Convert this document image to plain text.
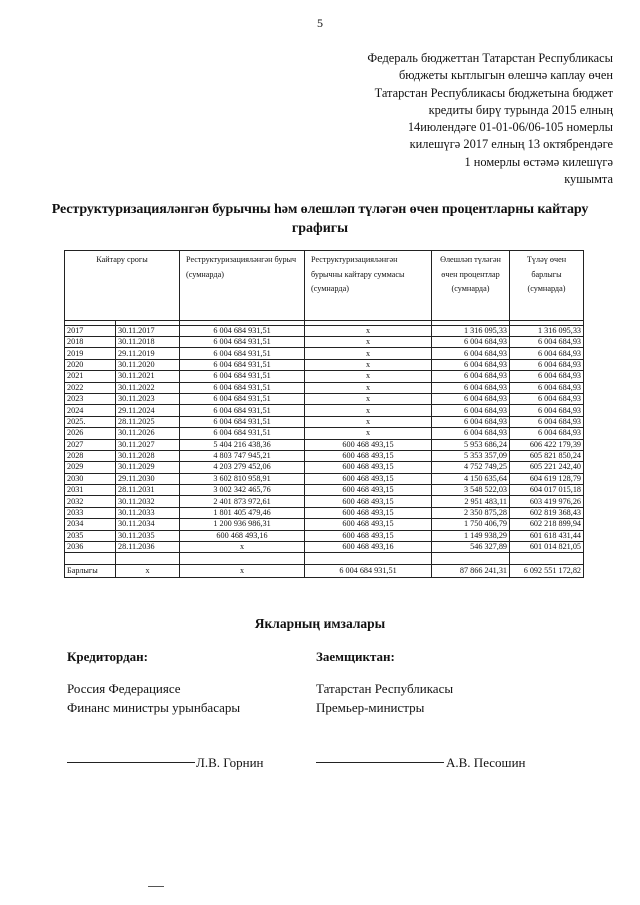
5
Федераль бюджеттан Татарстан Республикасы
бюджеты кытлыгын өлешчә каплау өчен
Татарстан Республикасы бюджетына бюджет
кредиты бирү турында 2015 елның
14июлендәге 01-01-06/06-105 номерлы
килешүгә 2017 елның 13 октябрендәге
1 номерлы өстәмә килешүгә
кушымта
Реструктуризацияләнгән бурычны һәм өлешләп түләгән өчен процентларны кайтару
графигы
Кайтару срогы		Реструктуризацияләнгән бурыч (сумнарда)	Реструктуризацияләнгән бурычны кайтару суммасы (сумнарда)	Өлешләп түләгән өчен процентлар (сумнарда)	Түләү өчен барлыгы (сумнарда)

2017	30.11.2017	6 004 684 931,51	x	1 316 095,33	1 316 095,33
2018	30.11.2018	6 004 684 931,51	x	6 004 684,93	6 004 684,93
2019	29.11.2019	6 004 684 931,51	x	6 004 684,93	6 004 684,93
2020	30.11.2020	6 004 684 931,51	x	6 004 684,93	6 004 684,93
2021	30.11.2021	6 004 684 931,51	x	6 004 684,93	6 004 684,93
2022	30.11.2022	6 004 684 931,51	x	6 004 684,93	6 004 684,93
2023	30.11.2023	6 004 684 931,51	x	6 004 684,93	6 004 684,93
2024	29.11.2024	6 004 684 931,51	x	6 004 684,93	6 004 684,93
2025.	28.11.2025	6 004 684 931,51	x	6 004 684,93	6 004 684,93
2026	30.11.2026	6 004 684 931,51	x	6 004 684,93	6 004 684,93
2027	30.11.2027	5 404 216 438,36	600 468 493,15	5 953 686,24	606 422 179,39
2028	30.11.2028	4 803 747 945,21	600 468 493,15	5 353 357,09	605 821 850,24
2029	30.11.2029	4 203 279 452,06	600 468 493,15	4 752 749,25	605 221 242,40
2030	29.11.2030	3 602 810 958,91	600 468 493,15	4 150 635,64	604 619 128,79
2031	28.11.2031	3 002 342 465,76	600 468 493,15	3 548 522,03	604 017 015,18
2032	30.11.2032	2 401 873 972,61	600 468 493,15	2 951 483,11	603 419 976,26
2033	30.11.2033	1 801 405 479,46	600 468 493,15	2 350 875,28	602 819 368,43
2034	30.11.2034	1 200 936 986,31	600 468 493,15	1 750 406,79	602 218 899,94
2035	30.11.2035	600 468 493,16	600 468 493,15	1 149 938,29	601 618 431,44
2036	28.11.2036	x	600 468 493,16	546 327,89	601 014 821,05

Барлыгы	x	x	6 004 684 931,51	87 866 241,31	6 092 551 172,82
Якларның имзалары
Кредитордан:	Заемщиктан:
Россия Федерациясе
Финанс министры урынбасары
Татарстан Республикасы
Премьер-министры
Л.В. Горнин	А.В. Песошин
